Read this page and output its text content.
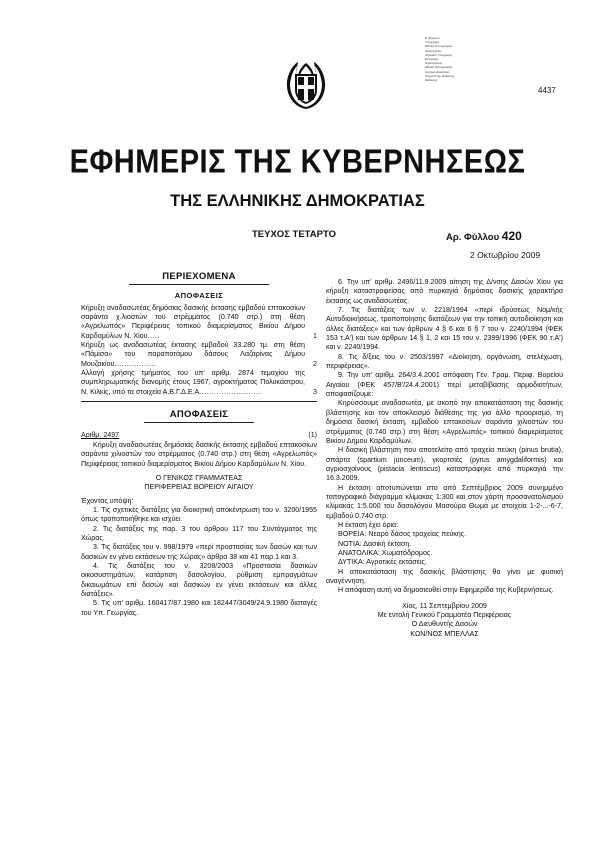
Ε.Ψηφιακή
Υπογραφή
Εθνικό Τυπογραφείο
Ημερομηνία:
Ψηφιακή Υπογραφή
Ελληνικής
Δημοκρατίας
Εθνικό Τυπογραφείο
Κρατικό Διοικητικό
Τμήμα Ψηφ. Έκδοσης
Έκδοσης
4437
ΕΦΗΜΕΡΙΣ ΤΗΣ ΚΥΒΕΡΝΗΣΕΩΣ
ΤΗΣ ΕΛΛΗΝΙΚΗΣ ΔΗΜΟΚΡΑΤΙΑΣ
ΤΕΥΧΟΣ ΤΕΤΑΡΤΟ	Αρ. Φύλλου 420
2 Οκτωβρίου 2009
ΠΕΡΙΕΧΟΜΕΝΑ
ΑΠΟΦΑΣΕΙΣ

Κήρυξη αναδασωτέας δημόσιας δασικής έκτασης εμβαδού επτακοσίων σαράντα χ.λιοστών του στρέμματος (0.740 στρ.) στη θέση «Αγρελωπός» Περιφέρειας τοπικού διαμερίσματος Βικίου Δήμου Καρδαμύλων Ν. Χίου.....	1

Κήρυξη ως αναδασωτέας έκτασης εμβαδού 33.280 τμ. στη θέση «Πάμισα» του παραποτάμου δάσους Λαζαρίνας Δήμου Μουζακίου.................	2

Αλλαγή χρήσης τμήματος του υπ' αριθμ. 2874 τεμαχίου της συμπληρωματικής διανομής έτους 1967, αγροκτήματος Πολυκάστρου, Ν. Κιλκίς, υπό τα στοιχεία Α.Β.Γ.Δ.Ε.Α.........................	3

ΑΠΟΦΑΣΕΙΣ
Αριθμ. 2497	(1)

Κήρυξη αναδασωτέας δημόσιας δασικής έκτασης εμβαδού επτακοσίων σαράντα χιλιοστών του στρέμματος (0.740 στρ.) στη θέση «Αγρελωπός» Περιφέρειας τοπικού διαμερίσματος Βικίου Δήμου Καρδαμύλων Ν. Χίου.

Ο ΓΕΝΙΚΟΣ ΓΡΑΜΜΑΤΕΑΣ

ΠΕΡΙΦΕΡΕΙΑΣ ΒΟΡΕΙΟΥ ΑΙΓΑΙΟΥ

Έχοντας υπόψη:

1. Τις σχετικές διατάξεις για διοικητική αποκέντρωση του ν. 3200/1955 όπως τροποποιήθηκε και ισχύει.

2. Τις διατάξεις της παρ. 3 του άρθρου 117 του Συντάγματος της Χώρας.

3. Τις διατάξεις του ν. 998/1979 «περί προστασίας των δασών και των δασικών εν γένει εκτάσεων της Χώρας» άρθρα 38 και 41 παρ.1 και 3.

4. Τις διατάξεις του ν. 3208/2003 «Προστασία δασικών οικοσυστημάτων, κατάρτιση δασολογίου, ρύθμιση εμπραγμάτων δικαιωμάτων επί δασών και δασικών εν γένει εκτάσεων και άλλες διατάξεις».

5. Τις υπ' αριθμ. 160417/87.1980 και 182447/3049/24.9.1980 διαταγές του Υπ. Γεωργίας.

6. Την υπ' αριθμ. 2496/11.9.2009 αίτηση της Δ/νσης Δασών Χίου για κήρυξη καταστραφείσας από πυρκαγιά δημόσιας δασικής χαρακτήρα έκτασης ως αναδασωτέας.

7. Τις διατάξεις των ν. 2218/1994 «περί ιδρύσεως Νομ/κής Αυτοδιοικήσεως, τροποποίησης διατάξεων για την τοπική αυτοδιοίκηση και άλλες διατάξεις» και των άρθρων 4 § 6 και 6 § 7 του ν. 2240/1994 (ΦΕΚ 153 τ.Α') και των άρθρων 14 § 1, 2 και 15 του ν. 2399/1996 (ΦΕΚ 90 τ.Α') και ν. 2240/1994.

8. Τις δ/ξεις του ν. 2503/1997 «Διοίκηση, οργάνωση, στελέχωση, περιφέρειας».

9. Την υπ' αριθμ. 264/3.4.2001 απόφαση Γεν. Γραμ. Περιφ. Βορείου Αιγαίου (ΦΕΚ 457/Β'/24.4.2001) περί μεταβίβασης αρμοδιοτήτων, αποφασίζουμε:

Κηρύσσουμε αναδασωτέα, με σκοπό την αποκατάσταση της δασικής βλάστησης και τον αποκλεισμό διάθεσης της για άλλο προορισμό, τη δημόσια δασική έκταση, εμβαδού επτακοσίων σαράντα χιλιοστών του στρέμματος (0.740 στρ.) στη θέση «Αγρελωπός» τοπικού διαμερίσματος Βικίου Δήμου Καρδαμύλων.

Η δασική βλάστηση που αποτελείτο από τραχεία πεύκη (pinus brutia), σπάρτα (spartium junceum), γκορτσιές (pyrus amygdaliformis) και αγριοσχοίνους (pistacia lentiscus) καταστράφηκε από πυρκαγιά την 16.3.2009.

Η έκταση αποτυπώνεται στο από Σεπτέμβριος 2009 συνημμένο τοπογραφικό διάγραμμα κλίμακας 1:300 και στον χάρτη προσανατολισμού κλίμακας 1:5.000 του δασολόγου Μασούρα Θωμά με στοιχεία 1-2-...-6-7, εμβαδού 0.740 στρ.

Η έκταση έχει όρια:

ΒΟΡΕΙΑ: Νεαρό δάσος τραχείας πεύκης.

ΝΟΤΙΑ: Δασική έκταση.

ΑΝΑΤΟΛΙΚΑ: Χωματόδρομος.

ΔΥΤΙΚΑ: Αγροτικές εκτάσεις.

Η αποκατάσταση της δασικής βλάστησης θα γίνει με φυσική αναγέννηση.

Η απόφαση αυτή να δημοσιευθεί στην Εφημερίδα της Κυβερνήσεως.

Χίος, 11 Σεπτεμβρίου 2009

Με εντολή Γενικού Γραμματέα Περιφέρειας

Ο Διευθυντής Δασών

ΚΩΝ/ΝΟΣ ΜΠΕΛΛΑΣ
